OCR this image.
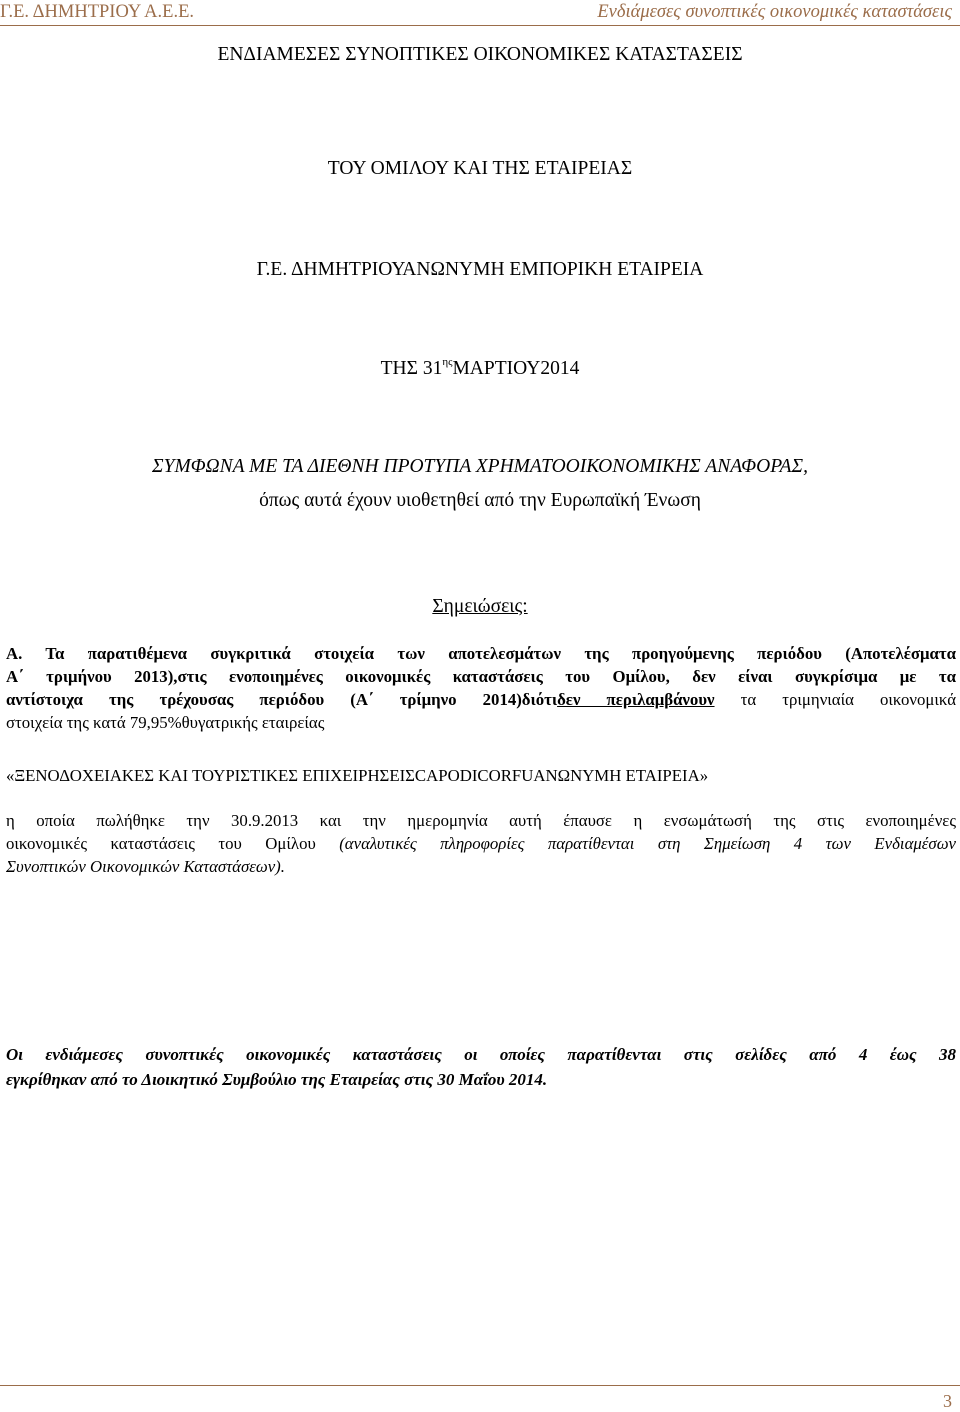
Γ.Ε. ΔΗΜΗΤΡΙΟΥ Α.Ε.Ε.	Ενδιάμεσες συνοπτικές οικονομικές καταστάσεις
ΕΝΔΙΑΜΕΣΕΣ ΣΥΝΟΠΤΙΚΕΣ ΟΙΚΟΝΟΜΙΚΕΣ ΚΑΤΑΣΤΑΣΕΙΣ
ΤΟΥ ΟΜΙΛΟΥ ΚΑΙ ΤΗΣ ΕΤΑΙΡΕΙΑΣ
Γ.Ε. ΔΗΜΗΤΡΙΟΥΑΝΩΝΥΜΗ ΕΜΠΟΡΙΚΗ ΕΤΑΙΡΕΙΑ
ΤΗΣ $31^{\eta\varsigma}MAPTIO\Upsilon 2014$
ΣΥΜΦΩΝΑ ΜΕ ΤΑ ΔΙΕΘΝΗ ΠΡΟΤΥΠΑ ΧΡΗΜΑΤΟΟΙΚΟΝΟΜΙΚΗΣ ΑΝΑΦΟΡΑΣ,
όπως αυτά έχουν υιοθετηθεί από την Ευρωπαϊκή Ένωση
Σημειώσεις:
Α. Τα παρατιθέμενα συγκριτικά στοιχεία των αποτελεσμάτων της προηγούμενης περιόδου (Αποτελέσματα
Α΄ τριμήνου 2013),στις ενοποιημένες οικονομικές καταστάσεις του Ομίλου, δεν είναι συγκρίσιμα με τα
αντίστοιχα της τρέχουσας περιόδου (Α΄ τρίμηνο 2014)διότιδεν περιλαμβάνουν τα τριμηνιαία οικονομικά
στοιχεία της κατά 79,95%θυγατρικής εταιρείας
«ΞΕΝΟΔΟΧΕΙΑΚΕΣ ΚΑΙ ΤΟΥΡΙΣΤΙΚΕΣ ΕΠΙΧΕΙΡΗΣΕΙΣCAPODICORFUΑΝΩΝΥΜΗ ΕΤΑΙΡΕΙΑ»
η οποία πωλήθηκε την 30.9.2013 και την ημερομηνία αυτή έπαυσε η ενσωμάτωσή της στις ενοποιημένες
οικονομικές καταστάσεις του Ομίλου (αναλυτικές πληροφορίες παρατίθενται στη Σημείωση 4 των Ενδιαμέσων
Συνοπτικών Οικονομικών Καταστάσεων).
Οι ενδιάμεσες συνοπτικές οικονομικές καταστάσεις οι οποίες παρατίθενται στις σελίδες από 4 έως 38
εγκρίθηκαν από το Διοικητικό Συμβούλιο της Εταιρείας στις 30 Μαΐου 2014.
3
